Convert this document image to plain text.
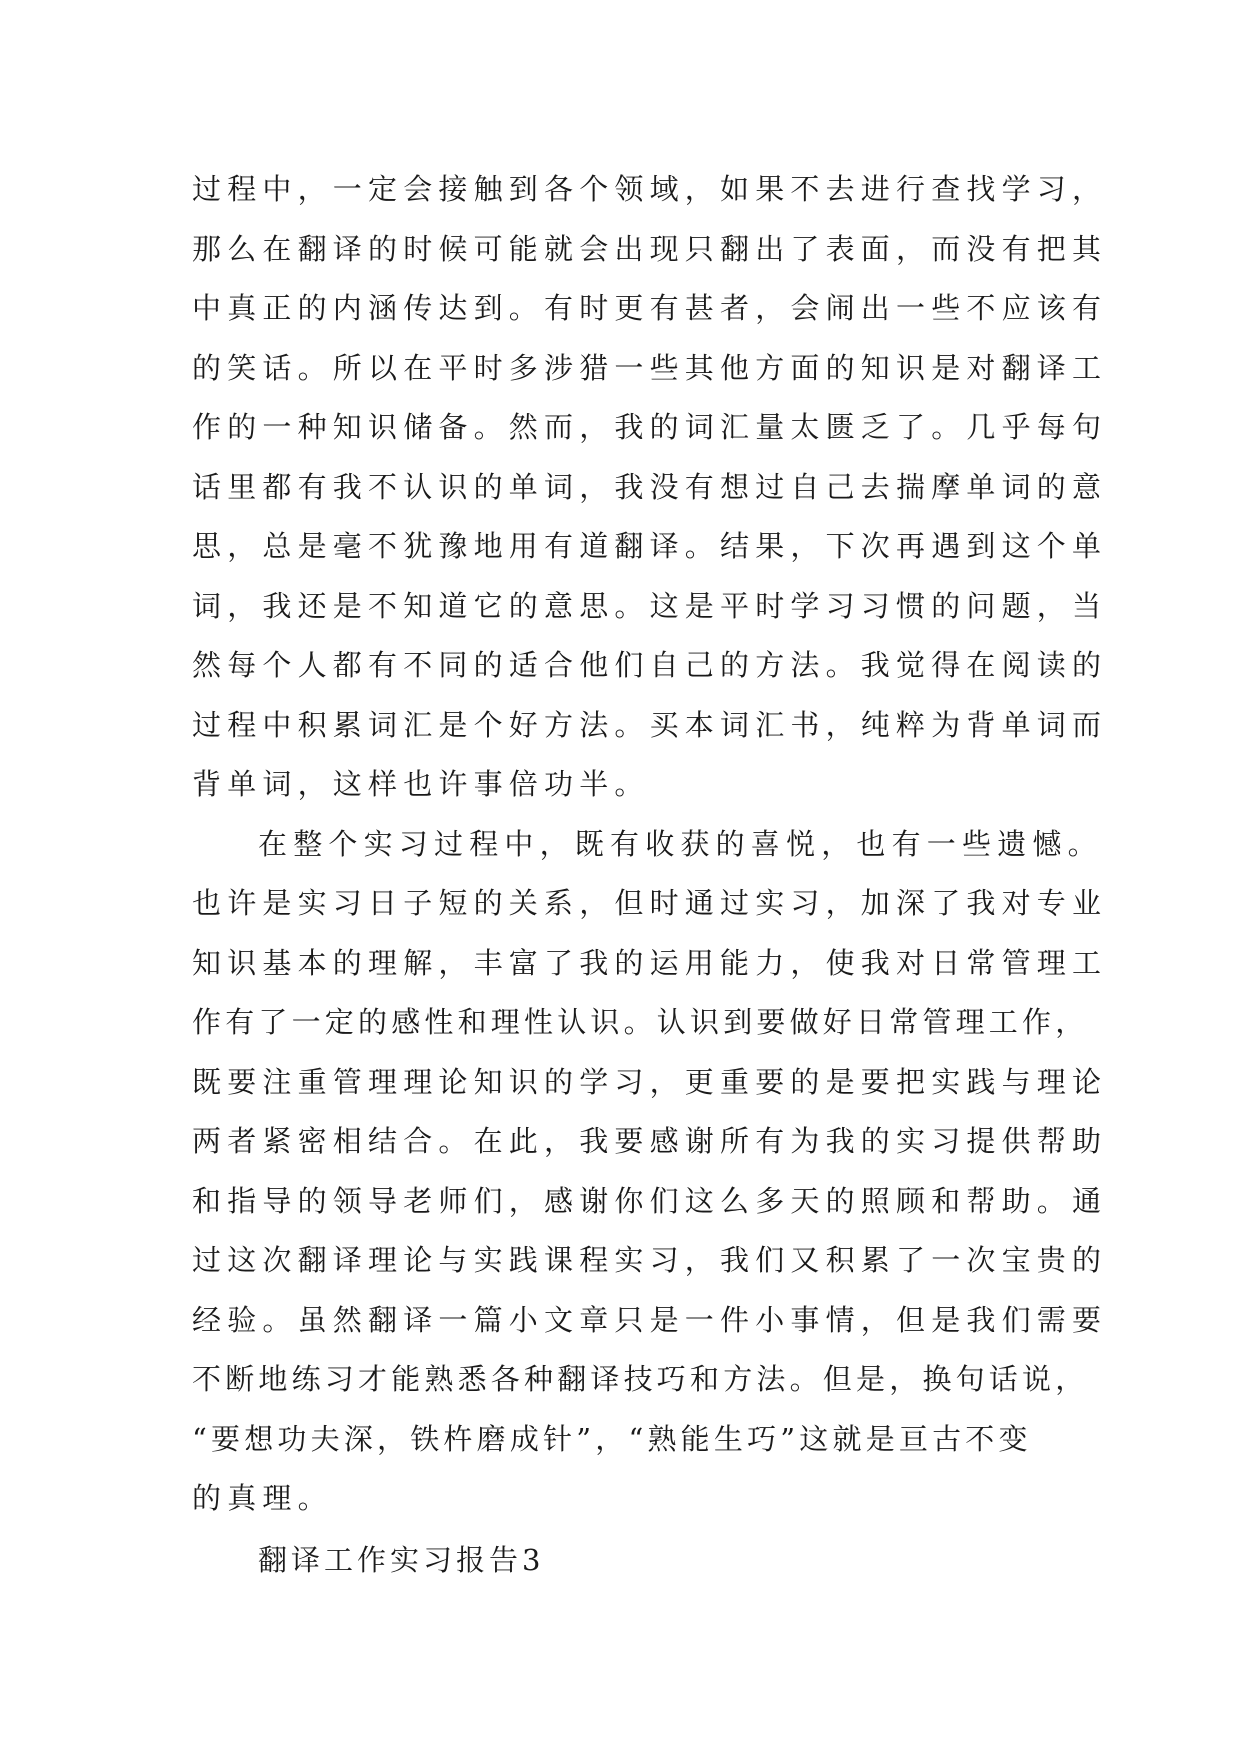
过程中，一定会接触到各个领域，如果不去进行查找学习，
那么在翻译的时候可能就会出现只翻出了表面，而没有把其
中真正的内涵传达到。有时更有甚者，会闹出一些不应该有
的笑话。所以在平时多涉猎一些其他方面的知识是对翻译工
作的一种知识储备。然而，我的词汇量太匮乏了。几乎每句
话里都有我不认识的单词，我没有想过自己去揣摩单词的意
思，总是毫不犹豫地用有道翻译。结果，下次再遇到这个单
词，我还是不知道它的意思。这是平时学习习惯的问题，当
然每个人都有不同的适合他们自己的方法。我觉得在阅读的
过程中积累词汇是个好方法。买本词汇书，纯粹为背单词而
背单词，这样也许事倍功半。
在整个实习过程中，既有收获的喜悦，也有一些遗憾。
也许是实习日子短的关系，但时通过实习，加深了我对专业
知识基本的理解，丰富了我的运用能力，使我对日常管理工
作有了一定的感性和理性认识。认识到要做好日常管理工作，
既要注重管理理论知识的学习，更重要的是要把实践与理论
两者紧密相结合。在此，我要感谢所有为我的实习提供帮助
和指导的领导老师们，感谢你们这么多天的照顾和帮助。通
过这次翻译理论与实践课程实习，我们又积累了一次宝贵的
经验。虽然翻译一篇小文章只是一件小事情，但是我们需要
不断地练习才能熟悉各种翻译技巧和方法。但是，换句话说，
“要想功夫深，铁杵磨成针”，“熟能生巧”这就是亘古不变
的真理。
翻译工作实习报告3
